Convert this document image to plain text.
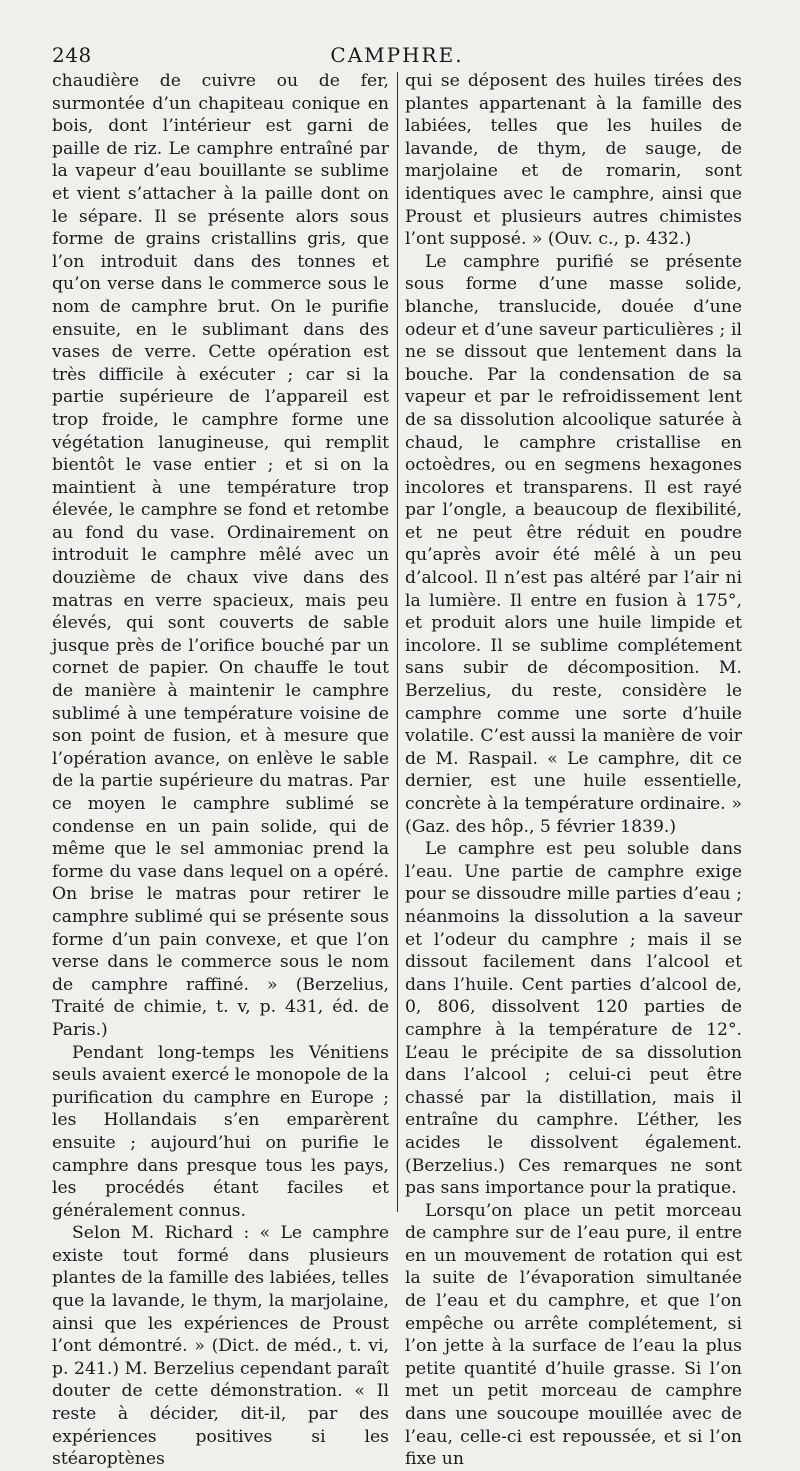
248	CAMPHRE.

chaudière de cuivre ou de fer, surmontée d’un chapiteau conique en bois, dont l’intérieur est garni de paille de riz. Le camphre entraîné par la vapeur d’eau bouillante se sublime et vient s’attacher à la paille dont on le sépare. Il se présente alors sous forme de grains cristallins gris, que l’on introduit dans des tonnes et qu’on verse dans le commerce sous le nom de camphre brut. On le purifie ensuite, en le sublimant dans des vases de verre. Cette opération est très difficile à exécuter ; car si la partie supérieure de l’appareil est trop froide, le camphre forme une végétation lanugineuse, qui remplit bientôt le vase entier ; et si on la maintient à une température trop élevée, le camphre se fond et retombe au fond du vase. Ordinairement on introduit le camphre mêlé avec un douzième de chaux vive dans des matras en verre spacieux, mais peu élevés, qui sont couverts de sable jusque près de l’orifice bouché par un cornet de papier. On chauffe le tout de manière à maintenir le camphre sublimé à une température voisine de son point de fusion, et à mesure que l’opération avance, on enlève le sable de la partie supérieure du matras. Par ce moyen le camphre sublimé se condense en un pain solide, qui de même que le sel ammoniac prend la forme du vase dans lequel on a opéré. On brise le matras pour retirer le camphre sublimé qui se présente sous forme d’un pain convexe, et que l’on verse dans le commerce sous le nom de camphre raffiné. » (Berzelius, Traité de chimie, t. v, p. 431, éd. de Paris.)

Pendant long-temps les Vénitiens seuls avaient exercé le monopole de la purification du camphre en Europe ; les Hollandais s’en emparèrent ensuite ; aujourd’hui on purifie le camphre dans presque tous les pays, les procédés étant faciles et généralement connus.

Selon M. Richard : « Le camphre existe tout formé dans plusieurs plantes de la famille des labiées, telles que la lavande, le thym, la marjolaine, ainsi que les expériences de Proust l’ont démontré. » (Dict. de méd., t. vi, p. 241.) M. Berzelius cependant paraît douter de cette démonstration. « Il reste à décider, dit-il, par des expériences positives si les stéaroptènes

qui se déposent des huiles tirées des plantes appartenant à la famille des labiées, telles que les huiles de lavande, de thym, de sauge, de marjolaine et de romarin, sont identiques avec le camphre, ainsi que Proust et plusieurs autres chimistes l’ont supposé. » (Ouv. c., p. 432.)

Le camphre purifié se présente sous forme d’une masse solide, blanche, translucide, douée d’une odeur et d’une saveur particulières ; il ne se dissout que lentement dans la bouche. Par la condensation de sa vapeur et par le refroidissement lent de sa dissolution alcoolique saturée à chaud, le camphre cristallise en octoèdres, ou en segmens hexagones incolores et transparens. Il est rayé par l’ongle, a beaucoup de flexibilité, et ne peut être réduit en poudre qu’après avoir été mêlé à un peu d’alcool. Il n’est pas altéré par l’air ni la lumière. Il entre en fusion à 175°, et produit alors une huile limpide et incolore. Il se sublime complétement sans subir de décomposition. M. Berzelius, du reste, considère le camphre comme une sorte d’huile volatile. C’est aussi la manière de voir de M. Raspail. « Le camphre, dit ce dernier, est une huile essentielle, concrète à la température ordinaire. » (Gaz. des hôp., 5 février 1839.)

Le camphre est peu soluble dans l’eau. Une partie de camphre exige pour se dissoudre mille parties d’eau ; néanmoins la dissolution a la saveur et l’odeur du camphre ; mais il se dissout facilement dans l’alcool et dans l’huile. Cent parties d’alcool de, 0, 806, dissolvent 120 parties de camphre à la température de 12°. L’eau le précipite de sa dissolution dans l’alcool ; celui-ci peut être chassé par la distillation, mais il entraîne du camphre. L’éther, les acides le dissolvent également. (Berzelius.) Ces remarques ne sont pas sans importance pour la pratique.

Lorsqu’on place un petit morceau de camphre sur de l’eau pure, il entre en un mouvement de rotation qui est la suite de l’évaporation simultanée de l’eau et du camphre, et que l’on empêche ou arrête complétement, si l’on jette à la surface de l’eau la plus petite quantité d’huile grasse. Si l’on met un petit morceau de camphre dans une soucoupe mouillée avec de l’eau, celle-ci est repoussée, et si l’on fixe un
